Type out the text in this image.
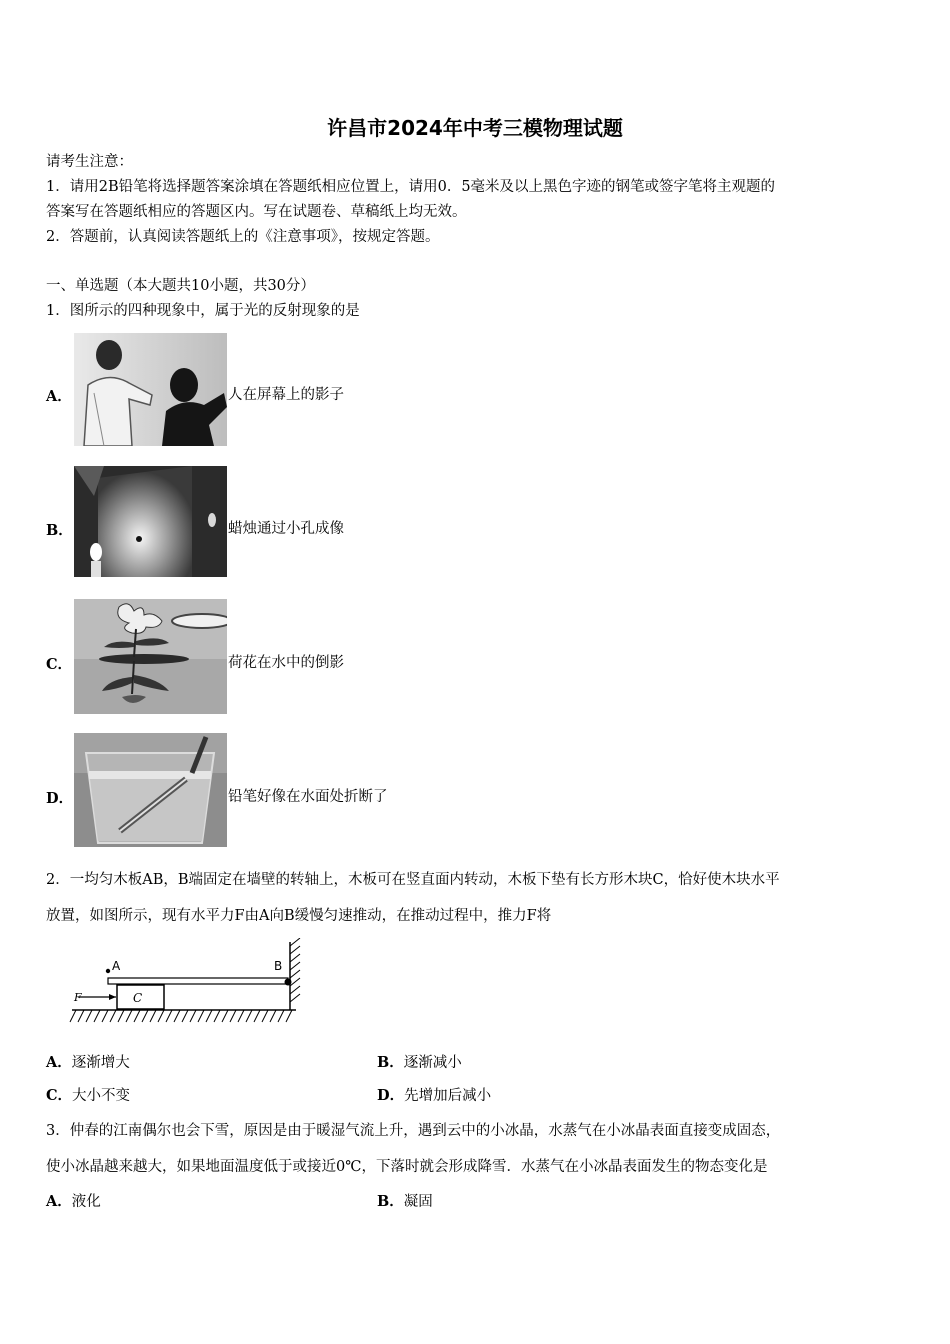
许昌市2024年中考三模物理试题
请考生注意：
1．请用2B铅笔将选择题答案涂填在答题纸相应位置上，请用0．5毫米及以上黑色字迹的钢笔或签字笔将主观题的
答案写在答题纸相应的答题区内。写在试题卷、草稿纸上均无效。
2．答题前，认真阅读答题纸上的《注意事项》，按规定答题。
一、单选题（本大题共10小题，共30分）
1．图所示的四种现象中，属于光的反射现象的是
A．	人在屏幕上的影子
B．	蜡烛通过小孔成像
C．	荷花在水中的倒影
D．	铅笔好像在水面处折断了
2．一均匀木板AB，B端固定在墙壁的转轴上，木板可在竖直面内转动，木板下垫有长方形木块C，恰好使木块水平
放置，如图所示，现有水平力F由A向B缓慢匀速推动，在推动过程中，推力F将
A	B
C
F
A．逐渐增大	B．逐渐减小
C．大小不变	D．先增加后减小
3．仲春的江南偶尔也会下雪，原因是由于暖湿气流上升，遇到云中的小冰晶，水蒸气在小冰晶表面直接变成固态，
使小冰晶越来越大，如果地面温度低于或接近0℃，下落时就会形成降雪．水蒸气在小冰晶表面发生的物态变化是
A．液化	B．凝固
